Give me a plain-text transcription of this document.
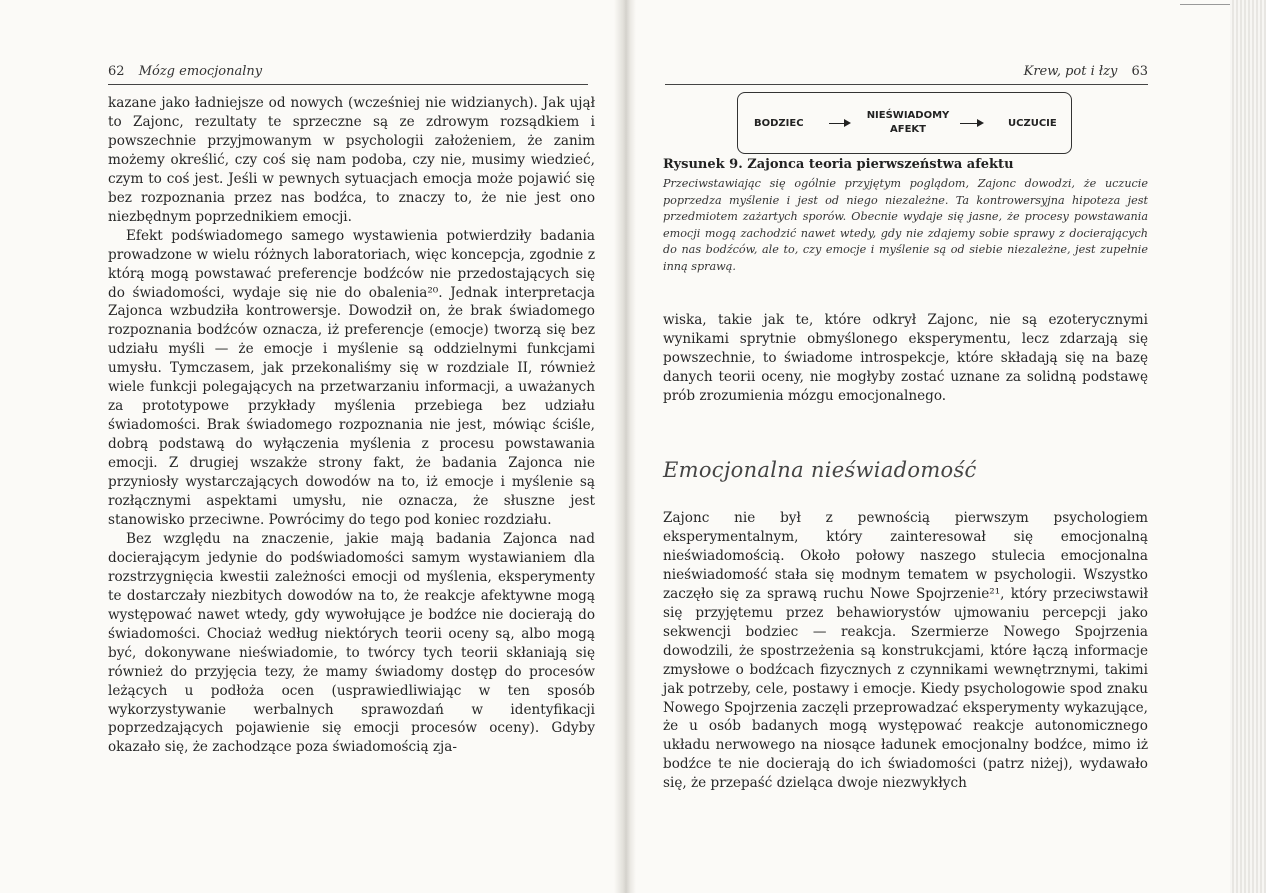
62 Mózg emocjonalny

kazane jako ładniejsze od nowych (wcześniej nie widzianych). Jak ujął to Zajonc, rezultaty te sprzeczne są ze zdrowym rozsądkiem i powszechnie przyjmowanym w psychologii założeniem, że zanim możemy określić, czy coś się nam podoba, czy nie, musimy wiedzieć, czym to coś jest. Jeśli w pewnych sytuacjach emocja może pojawić się bez rozpoznania przez nas bodźca, to znaczy to, że nie jest ono niezbędnym poprzednikiem emocji.

Efekt podświadomego samego wystawienia potwierdziły badania prowadzone w wielu różnych laboratoriach, więc koncepcja, zgodnie z którą mogą powstawać preferencje bodźców nie przedostających się do świadomości, wydaje się nie do obalenia²⁰. Jednak interpretacja Zajonca wzbudziła kontrowersje. Dowodził on, że brak świadomego rozpoznania bodźców oznacza, iż preferencje (emocje) tworzą się bez udziału myśli — że emocje i myślenie są oddzielnymi funkcjami umysłu. Tymczasem, jak przekonaliśmy się w rozdziale II, również wiele funkcji polegających na przetwarzaniu informacji, a uważanych za prototypowe przykłady myślenia przebiega bez udziału świadomości. Brak świadomego rozpoznania nie jest, mówiąc ściśle, dobrą podstawą do wyłączenia myślenia z procesu powstawania emocji. Z drugiej wszakże strony fakt, że badania Zajonca nie przyniosły wystarczających dowodów na to, iż emocje i myślenie są rozłącznymi aspektami umysłu, nie oznacza, że słuszne jest stanowisko przeciwne. Powrócimy do tego pod koniec rozdziału.

Bez względu na znaczenie, jakie mają badania Zajonca nad docierającym jedynie do podświadomości samym wystawianiem dla rozstrzygnięcia kwestii zależności emocji od myślenia, eksperymenty te dostarczały niezbitych dowodów na to, że reakcje afektywne mogą występować nawet wtedy, gdy wywołujące je bodźce nie docierają do świadomości. Chociaż według niektórych teorii oceny są, albo mogą być, dokonywane nieświadomie, to twórcy tych teorii skłaniają się również do przyjęcia tezy, że mamy świadomy dostęp do procesów leżących u podłoża ocen (usprawiedliwiając w ten sposób wykorzystywanie werbalnych sprawozdań w identyfikacji poprzedzających pojawienie się emocji procesów oceny). Gdyby okazało się, że zachodzące poza świadomością zja-

Krew, pot i łzy 63
BODZIEC
NIEŚWIADOMY
AFEKT
UCZUCIE
Rysunek 9. Zajonca teoria pierwszeństwa afektu
Przeciwstawiając się ogólnie przyjętym poglądom, Zajonc dowodzi, że uczucie poprzedza myślenie i jest od niego niezależne. Ta kontrowersyjna hipoteza jest przedmiotem zażartych sporów. Obecnie wydaje się jasne, że procesy powstawania emocji mogą zachodzić nawet wtedy, gdy nie zdajemy sobie sprawy z docierających do nas bodźców, ale to, czy emocje i myślenie są od siebie niezależne, jest zupełnie inną sprawą.

wiska, takie jak te, które odkrył Zajonc, nie są ezoterycznymi wynikami sprytnie obmyślonego eksperymentu, lecz zdarzają się powszechnie, to świadome introspekcje, które składają się na bazę danych teorii oceny, nie mogłyby zostać uznane za solidną podstawę prób zrozumienia mózgu emocjonalnego.

Emocjonalna nieświadomość

Zajonc nie był z pewnością pierwszym psychologiem eksperymentalnym, który zainteresował się emocjonalną nieświadomością. Około połowy naszego stulecia emocjonalna nieświadomość stała się modnym tematem w psychologii. Wszystko zaczęło się za sprawą ruchu Nowe Spojrzenie²¹, który przeciwstawił się przyjętemu przez behawiorystów ujmowaniu percepcji jako sekwencji bodziec — reakcja. Szermierze Nowego Spojrzenia dowodzili, że spostrzeżenia są konstrukcjami, które łączą informacje zmysłowe o bodźcach fizycznych z czynnikami wewnętrznymi, takimi jak potrzeby, cele, postawy i emocje. Kiedy psychologowie spod znaku Nowego Spojrzenia zaczęli przeprowadzać eksperymenty wykazujące, że u osób badanych mogą występować reakcje autonomicznego układu nerwowego na niosące ładunek emocjonalny bodźce, mimo iż bodźce te nie docierają do ich świadomości (patrz niżej), wydawało się, że przepaść dzieląca dwoje niezwykłych
